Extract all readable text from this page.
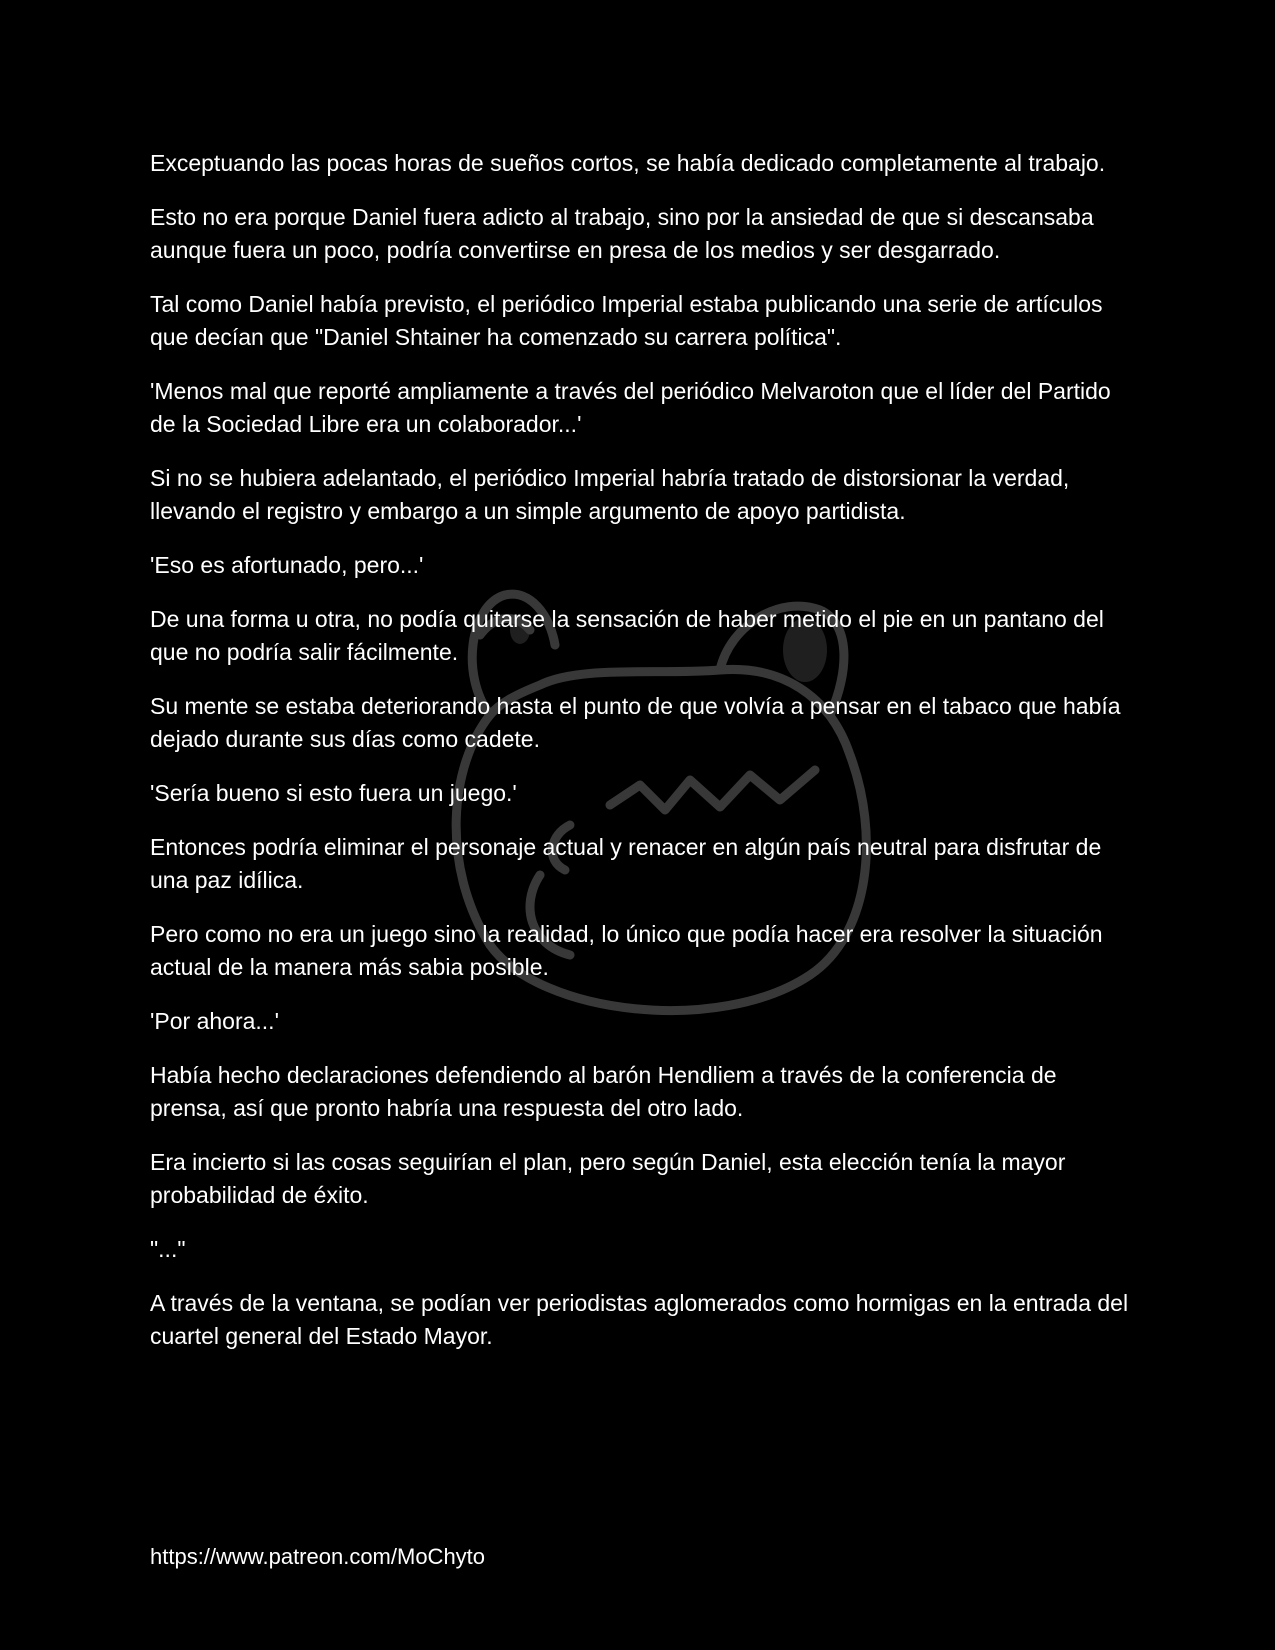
Exceptuando las pocas horas de sueños cortos, se había dedicado completamente al trabajo.

Esto no era porque Daniel fuera adicto al trabajo, sino por la ansiedad de que si descansaba aunque fuera un poco, podría convertirse en presa de los medios y ser desgarrado.

Tal como Daniel había previsto, el periódico Imperial estaba publicando una serie de artículos que decían que "Daniel Shtainer ha comenzado su carrera política".

'Menos mal que reporté ampliamente a través del periódico Melvaroton que el líder del Partido de la Sociedad Libre era un colaborador...'

Si no se hubiera adelantado, el periódico Imperial habría tratado de distorsionar la verdad, llevando el registro y embargo a un simple argumento de apoyo partidista.

'Eso es afortunado, pero...'

De una forma u otra, no podía quitarse la sensación de haber metido el pie en un pantano del que no podría salir fácilmente.

Su mente se estaba deteriorando hasta el punto de que volvía a pensar en el tabaco que había dejado durante sus días como cadete.

'Sería bueno si esto fuera un juego.'

Entonces podría eliminar el personaje actual y renacer en algún país neutral para disfrutar de una paz idílica.

Pero como no era un juego sino la realidad, lo único que podía hacer era resolver la situación actual de la manera más sabia posible.

'Por ahora...'

Había hecho declaraciones defendiendo al barón Hendliem a través de la conferencia de prensa, así que pronto habría una respuesta del otro lado.

Era incierto si las cosas seguirían el plan, pero según Daniel, esta elección tenía la mayor probabilidad de éxito.

"..."

A través de la ventana, se podían ver periodistas aglomerados como hormigas en la entrada del cuartel general del Estado Mayor.

https://www.patreon.com/MoChyto
